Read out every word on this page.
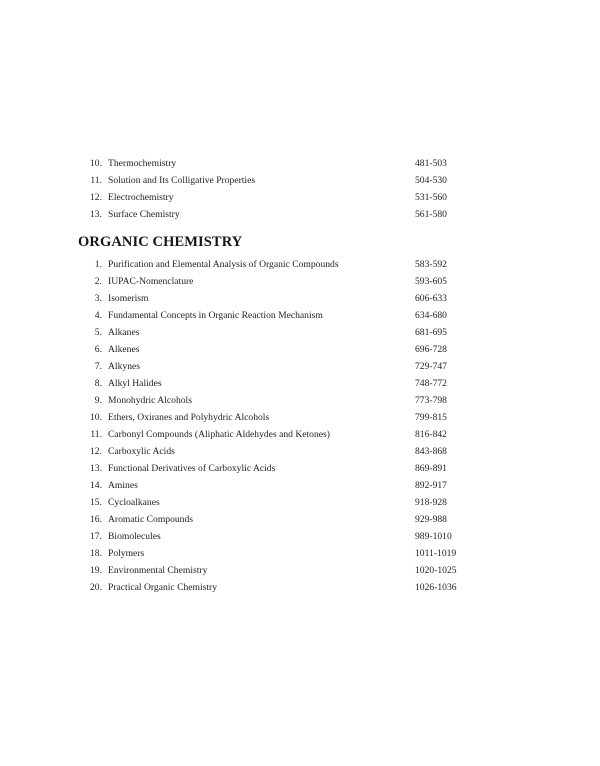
10. Thermochemistry	481-503
11. Solution and Its Colligative Properties	504-530
12. Electrochemistry	531-560
13. Surface Chemistry	561-580
ORGANIC CHEMISTRY
1. Purification and Elemental Analysis of Organic Compounds	583-592
2. IUPAC-Nomenclature	593-605
3. Isomerism	606-633
4. Fundamental Concepts in Organic Reaction Mechanism	634-680
5. Alkanes	681-695
6. Alkenes	696-728
7. Alkynes	729-747
8. Alkyl Halides	748-772
9. Monohydric Alcohols	773-798
10. Ethers, Oxiranes and Polyhydric Alcohols	799-815
11. Carbonyl Compounds (Aliphatic Aldehydes and Ketones)	816-842
12. Carboxylic Acids	843-868
13. Functional Derivatives of Carboxylic Acids	869-891
14. Amines	892-917
15. Cycloalkanes	918-928
16. Aromatic Compounds	929-988
17. Biomolecules	989-1010
18. Polymers	1011-1019
19. Environmental Chemistry	1020-1025
20. Practical Organic Chemistry	1026-1036
